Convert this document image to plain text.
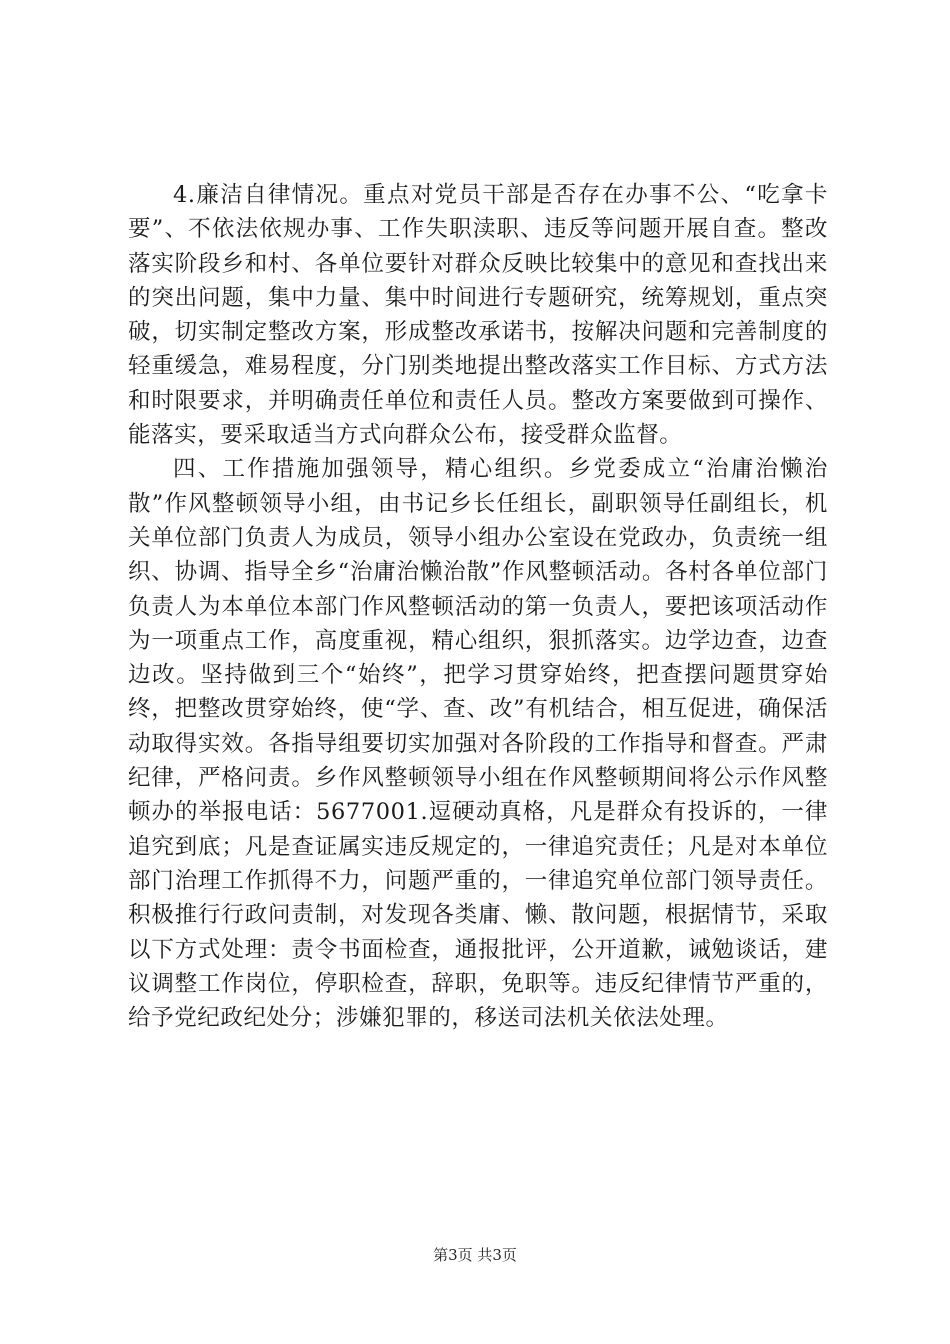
4.廉洁自律情况。重点对党员干部是否存在办事不公、“吃拿卡要”、不依法依规办事、工作失职渎职、违反等问题开展自查。整改落实阶段乡和村、各单位要针对群众反映比较集中的意见和查找出来的突出问题，集中力量、集中时间进行专题研究，统筹规划，重点突破，切实制定整改方案，形成整改承诺书，按解决问题和完善制度的轻重缓急，难易程度，分门别类地提出整改落实工作目标、方式方法和时限要求，并明确责任单位和责任人员。整改方案要做到可操作、能落实，要采取适当方式向群众公布，接受群众监督。

四、工作措施加强领导，精心组织。乡党委成立“治庸治懒治散”作风整顿领导小组，由书记乡长任组长，副职领导任副组长，机关单位部门负责人为成员，领导小组办公室设在党政办，负责统一组织、协调、指导全乡“治庸治懒治散”作风整顿活动。各村各单位部门负责人为本单位本部门作风整顿活动的第一负责人，要把该项活动作为一项重点工作，高度重视，精心组织，狠抓落实。边学边查，边查边改。坚持做到三个“始终”，把学习贯穿始终，把查摆问题贯穿始终，把整改贯穿始终，使“学、查、改”有机结合，相互促进，确保活动取得实效。各指导组要切实加强对各阶段的工作指导和督查。严肃纪律，严格问责。乡作风整顿领导小组在作风整顿期间将公示作风整顿办的举报电话：5677001.逗硬动真格，凡是群众有投诉的，一律追究到底；凡是查证属实违反规定的，一律追究责任；凡是对本单位部门治理工作抓得不力，问题严重的，一律追究单位部门领导责任。积极推行行政问责制，对发现各类庸、懒、散问题，根据情节，采取以下方式处理：责令书面检查，通报批评，公开道歉，诫勉谈话，建议调整工作岗位，停职检查，辞职，免职等。违反纪律情节严重的，给予党纪政纪处分；涉嫌犯罪的，移送司法机关依法处理。

第3页 共3页
